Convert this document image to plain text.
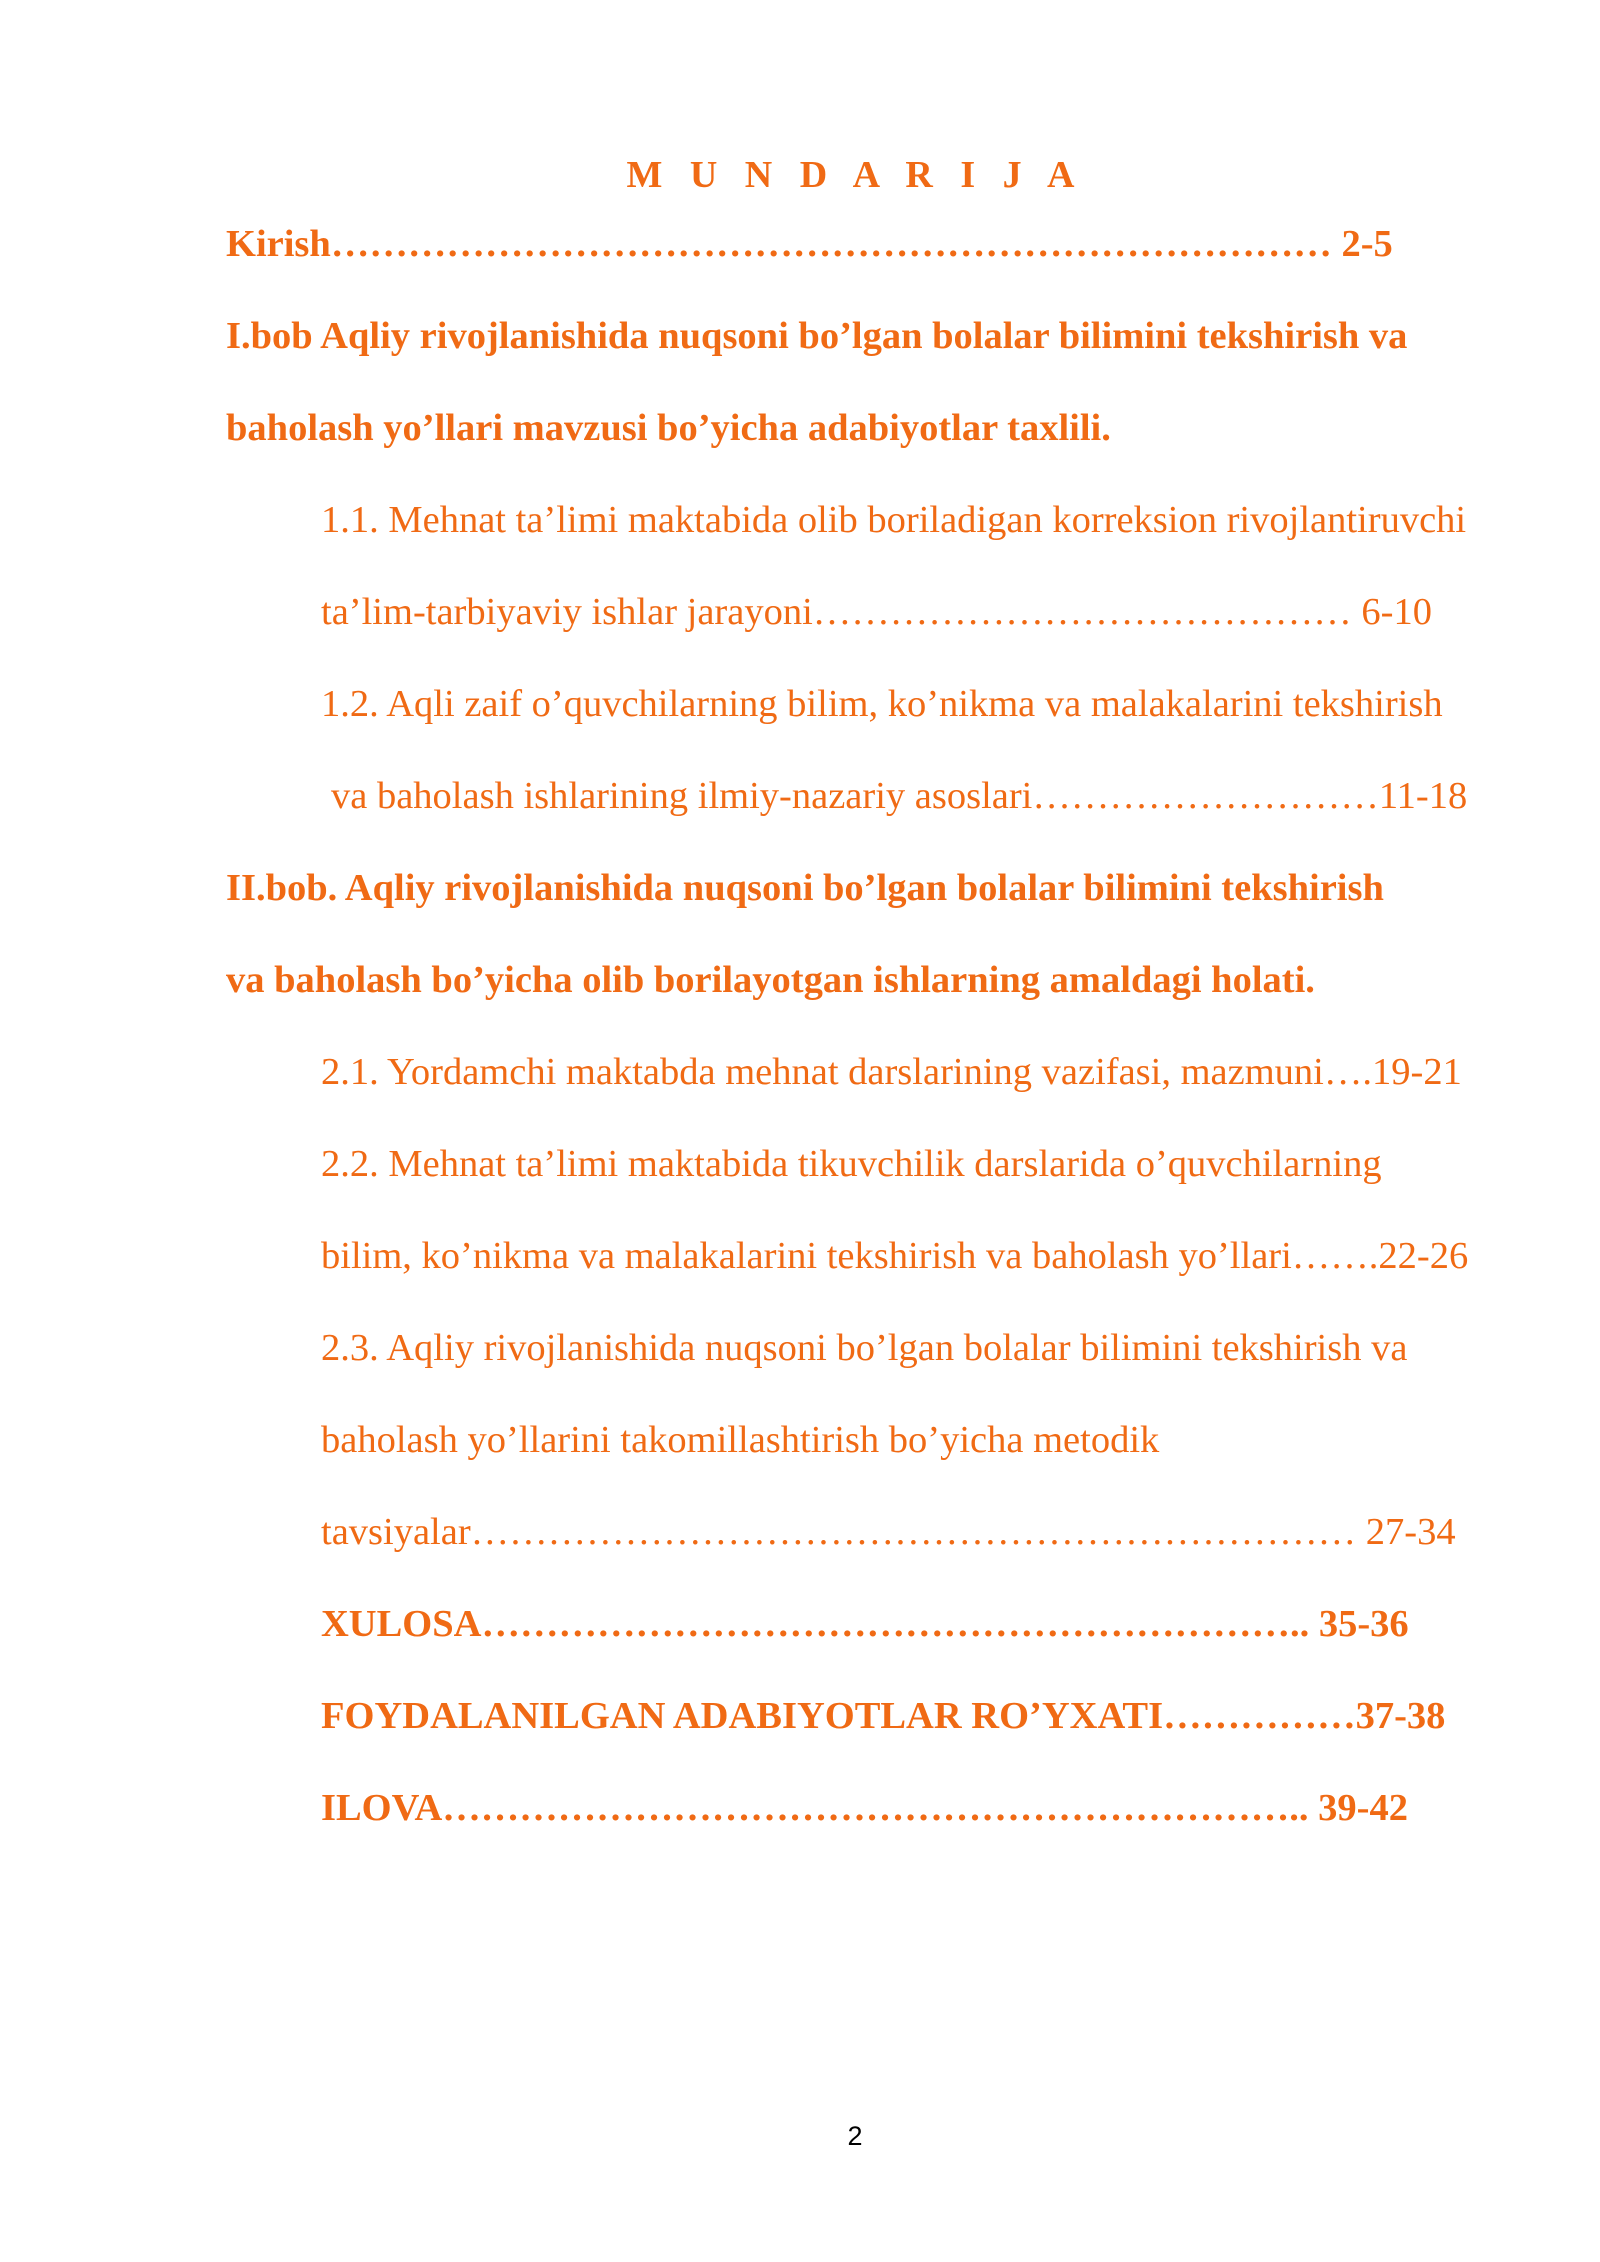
M U N D A R I J A
Kirish…………………………………………………………………… 2-5
I.bob Aqliy rivojlanishida nuqsoni bo’lgan bolalar bilimini tekshirish va
baholash yo’llari mavzusi bo’yicha adabiyotlar taxlili.
1.1. Mehnat ta’limi maktabida olib boriladigan korreksion rivojlantiruvchi
ta’lim-tarbiyaviy ishlar jarayoni…………………………………… 6-10
1.2. Aqli zaif o’quvchilarning bilim, ko’nikma va malakalarini tekshirish
va baholash ishlarining ilmiy-nazariy asoslari………………………11-18
II.bob. Aqliy rivojlanishida nuqsoni bo’lgan bolalar bilimini tekshirish
va baholash bo’yicha olib borilayotgan ishlarning amaldagi holati.
2.1. Yordamchi maktabda mehnat darslarining vazifasi, mazmuni….19-21
2.2. Mehnat ta’limi maktabida tikuvchilik darslarida o’quvchilarning
bilim, ko’nikma va malakalarini tekshirish va baholash yo’llari…….22-26
2.3. Aqliy rivojlanishida nuqsoni bo’lgan bolalar bilimini tekshirish va
baholash yo’llarini takomillashtirish bo’yicha metodik
tavsiyalar…………………………………………………………… 27-34
XULOSA……………………………………………………….. 35-36
FOYDALANILGAN ADABIYOTLAR RO’YXATI……………37-38
ILOVA………………………………………………………….. 39-42
2
